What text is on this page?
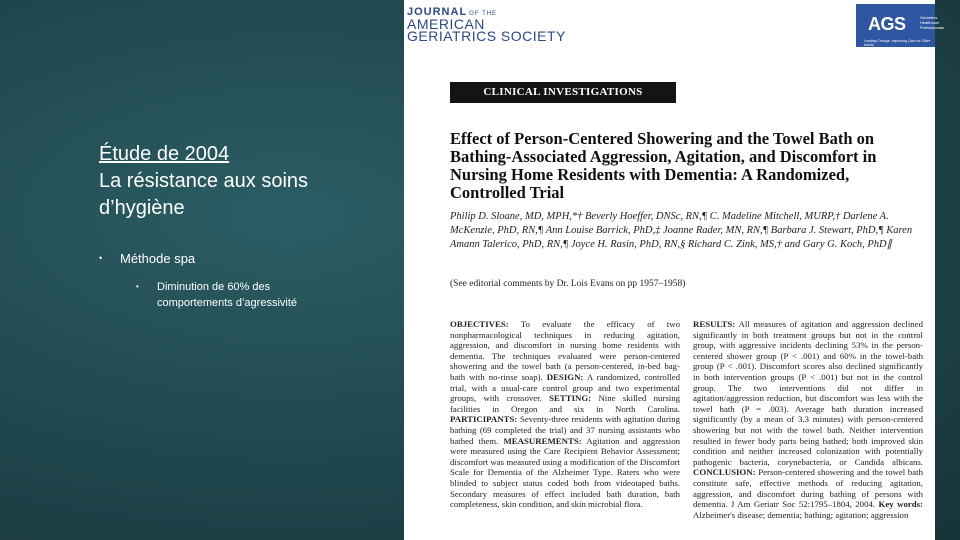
Étude de 2004
La résistance aux soins d’hygiène
• Méthode spa
• Diminution de 60% des comportements d’agressivité
JOURNAL OF THE
AMERICAN
GERIATRICS SOCIETY
AGS	Geriatrics Healthcare Professionals
Leading Change. Improving Care for Older Adults.
CLINICAL INVESTIGATIONS
Effect of Person-Centered Showering and the Towel Bath on Bathing-Associated Aggression, Agitation, and Discomfort in Nursing Home Residents with Dementia: A Randomized, Controlled Trial
Philip D. Sloane, MD, MPH,*† Beverly Hoeffer, DNSc, RN,¶ C. Madeline Mitchell, MURP,† Darlene A. McKenzie, PhD, RN,¶ Ann Louise Barrick, PhD,‡ Joanne Rader, MN, RN,¶ Barbara J. Stewart, PhD,¶ Karen Amann Talerico, PhD, RN,¶ Joyce H. Rasin, PhD, RN,§ Richard C. Zink, MS,† and Gary G. Koch, PhD∥
(See editorial comments by Dr. Lois Evans on pp 1957–1958)
OBJECTIVES: To evaluate the efficacy of two nonpharmacological techniques in reducing agitation, aggression, and discomfort in nursing home residents with dementia. The techniques evaluated were person-centered showering and the towel bath (a person-centered, in-bed bag-bath with no-rinse soap). DESIGN: A randomized, controlled trial, with a usual-care control group and two experimental groups, with crossover. SETTING: Nine skilled nursing facilities in Oregon and six in North Carolina. PARTICIPANTS: Seventy-three residents with agitation during bathing (69 completed the trial) and 37 nursing assistants who bathed them. MEASUREMENTS: Agitation and aggression were measured using the Care Recipient Behavior Assessment; discomfort was measured using a modification of the Discomfort Scale for Dementia of the Alzheimer Type. Raters who were blinded to subject status coded both from videotaped baths. Secondary measures of effect included bath duration, bath completeness, skin condition, and skin microbial flora.
RESULTS: All measures of agitation and aggression declined significantly in both treatment groups but not in the control group, with aggressive incidents declining 53% in the person-centered shower group (P < .001) and 60% in the towel-bath group (P < .001). Discomfort scores also declined significantly in both intervention groups (P < .001) but not in the control group. The two interventions did not differ in agitation/aggression reduction, but discomfort was less with the towel bath (P = .003). Average bath duration increased significantly (by a mean of 3.3 minutes) with person-centered showering but not with the towel bath. Neither intervention resulted in fewer body parts being bathed; both improved skin condition and neither increased colonization with potentially pathogenic bacteria, corynebacteria, or Candida albicans. CONCLUSION: Person-centered showering and the towel bath constitute safe, effective methods of reducing agitation, aggression, and discomfort during bathing of persons with dementia. J Am Geriatr Soc 52:1795–1804, 2004. Key words: Alzheimer's disease; dementia; bathing; agitation; aggression
